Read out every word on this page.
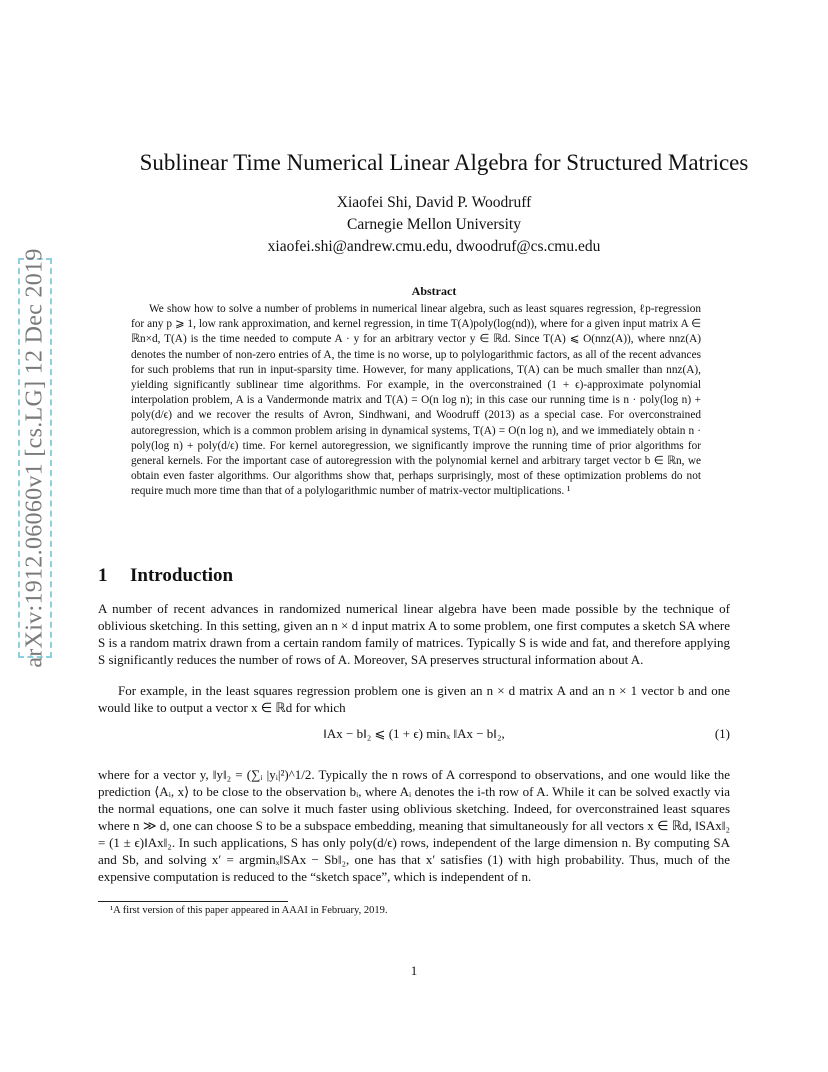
arXiv:1912.06060v1 [cs.LG] 12 Dec 2019
Sublinear Time Numerical Linear Algebra for Structured Matrices
Xiaofei Shi, David P. Woodruff
Carnegie Mellon University
xiaofei.shi@andrew.cmu.edu, dwoodruf@cs.cmu.edu
Abstract
We show how to solve a number of problems in numerical linear algebra, such as least squares regression, ℓp-regression for any p ⩾ 1, low rank approximation, and kernel regression, in time T(A)poly(log(nd)), where for a given input matrix A ∈ ℝn×d, T(A) is the time needed to compute A · y for an arbitrary vector y ∈ ℝd. Since T(A) ⩽ O(nnz(A)), where nnz(A) denotes the number of non-zero entries of A, the time is no worse, up to polylogarithmic factors, as all of the recent advances for such problems that run in input-sparsity time. However, for many applications, T(A) can be much smaller than nnz(A), yielding significantly sublinear time algorithms. For example, in the overconstrained (1 + ϵ)-approximate polynomial interpolation problem, A is a Vandermonde matrix and T(A) = O(n log n); in this case our running time is n · poly(log n) + poly(d/ϵ) and we recover the results of Avron, Sindhwani, and Woodruff (2013) as a special case. For overconstrained autoregression, which is a common problem arising in dynamical systems, T(A) = O(n log n), and we immediately obtain n · poly(log n) + poly(d/ϵ) time. For kernel autoregression, we significantly improve the running time of prior algorithms for general kernels. For the important case of autoregression with the polynomial kernel and arbitrary target vector b ∈ ℝn, we obtain even faster algorithms. Our algorithms show that, perhaps surprisingly, most of these optimization problems do not require much more time than that of a polylogarithmic number of matrix-vector multiplications. ¹
1 Introduction
A number of recent advances in randomized numerical linear algebra have been made possible by the technique of oblivious sketching. In this setting, given an n × d input matrix A to some problem, one first computes a sketch SA where S is a random matrix drawn from a certain random family of matrices. Typically S is wide and fat, and therefore applying S significantly reduces the number of rows of A. Moreover, SA preserves structural information about A.
For example, in the least squares regression problem one is given an n × d matrix A and an n × 1 vector b and one would like to output a vector x ∈ ℝd for which
‖Ax − b‖₂ ⩽ (1 + ϵ) minₓ ‖Ax − b‖₂,	(1)
where for a vector y, ‖y‖₂ = (∑ᵢ |yᵢ|²)^1/2. Typically the n rows of A correspond to observations, and one would like the prediction ⟨Aᵢ, x⟩ to be close to the observation bᵢ, where Aᵢ denotes the i-th row of A. While it can be solved exactly via the normal equations, one can solve it much faster using oblivious sketching. Indeed, for overconstrained least squares where n ≫ d, one can choose S to be a subspace embedding, meaning that simultaneously for all vectors x ∈ ℝd, ‖SAx‖₂ = (1 ± ϵ)‖Ax‖₂. In such applications, S has only poly(d/ϵ) rows, independent of the large dimension n. By computing SA and Sb, and solving x′ = argminₓ‖SAx − Sb‖₂, one has that x′ satisfies (1) with high probability. Thus, much of the expensive computation is reduced to the “sketch space”, which is independent of n.
¹A first version of this paper appeared in AAAI in February, 2019.
1
